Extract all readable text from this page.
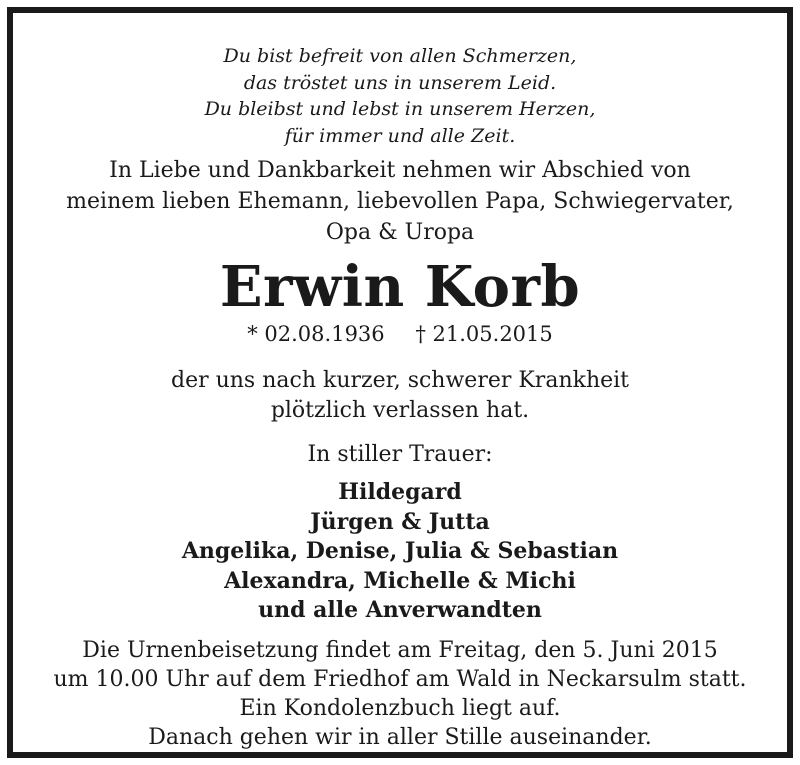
Du bist befreit von allen Schmerzen,
das tröstet uns in unserem Leid.
Du bleibst und lebst in unserem Herzen,
für immer und alle Zeit.
In Liebe und Dankbarkeit nehmen wir Abschied von
meinem lieben Ehemann, liebevollen Papa, Schwiegervater,
Opa & Uropa
Erwin Korb
* 02.08.1936 † 21.05.2015
der uns nach kurzer, schwerer Krankheit
plötzlich verlassen hat.
In stiller Trauer:
Hildegard
Jürgen & Jutta
Angelika, Denise, Julia & Sebastian
Alexandra, Michelle & Michi
und alle Anverwandten
Die Urnenbeisetzung findet am Freitag, den 5. Juni 2015
um 10.00 Uhr auf dem Friedhof am Wald in Neckarsulm statt.
Ein Kondolenzbuch liegt auf.
Danach gehen wir in aller Stille auseinander.
